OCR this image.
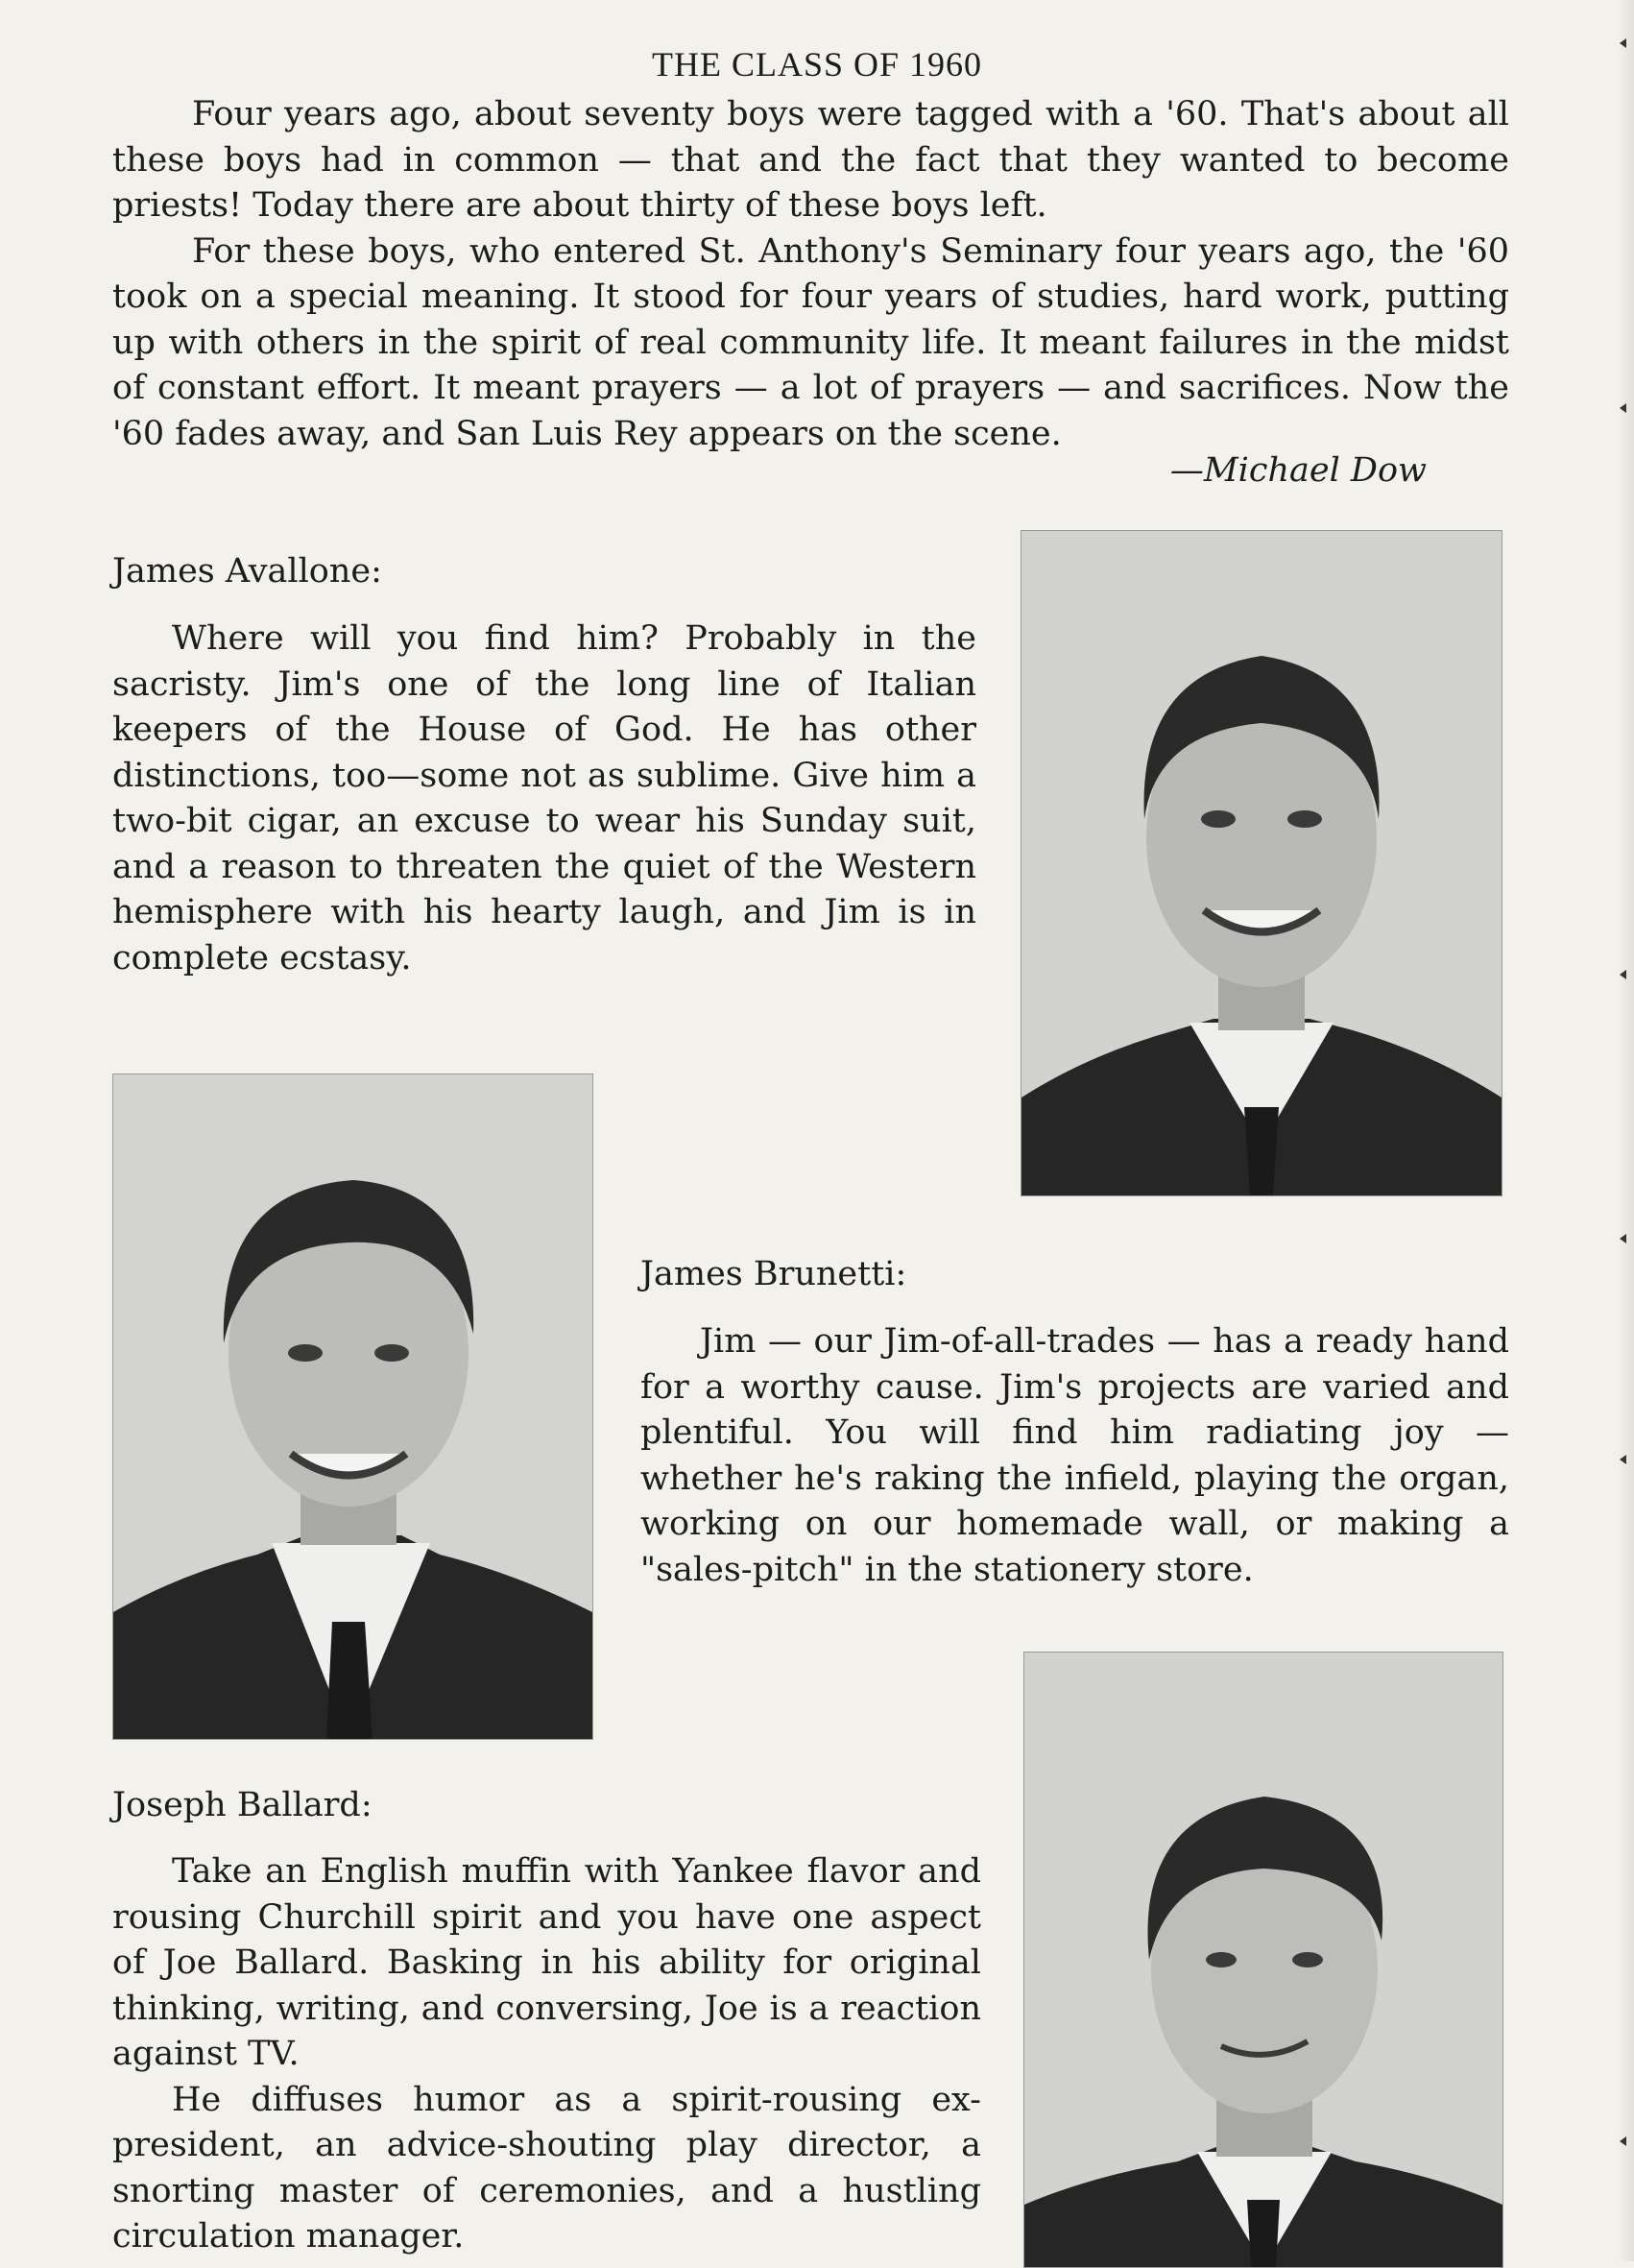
THE CLASS OF 1960

Four years ago, about seventy boys were tagged with a '60. That's about all these boys had in common — that and the fact that they wanted to become priests! Today there are about thirty of these boys left.

For these boys, who entered St. Anthony's Seminary four years ago, the '60 took on a special meaning. It stood for four years of studies, hard work, putting up with others in the spirit of real community life. It meant failures in the midst of constant effort. It meant prayers — a lot of prayers — and sacrifices. Now the '60 fades away, and San Luis Rey appears on the scene.

—Michael Dow
James Avallone:

Where will you find him? Probably in the sacristy. Jim's one of the long line of Italian keepers of the House of God. He has other distinctions, too—some not as sublime. Give him a two-bit cigar, an excuse to wear his Sunday suit, and a reason to threaten the quiet of the Western hemisphere with his hearty laugh, and Jim is in complete ecstasy.

James Brunetti:

Jim — our Jim-of-all-trades — has a ready hand for a worthy cause. Jim's projects are varied and plentiful. You will find him radiating joy — whether he's raking the infield, playing the organ, working on our homemade wall, or making a "sales-pitch" in the stationery store.

Joseph Ballard:

Take an English muffin with Yankee flavor and rousing Churchill spirit and you have one aspect of Joe Ballard. Basking in his ability for original thinking, writing, and conversing, Joe is a reaction against TV.

He diffuses humor as a spirit-rousing ex-president, an advice-shouting play director, a snorting master of ceremonies, and a hustling circulation manager.
